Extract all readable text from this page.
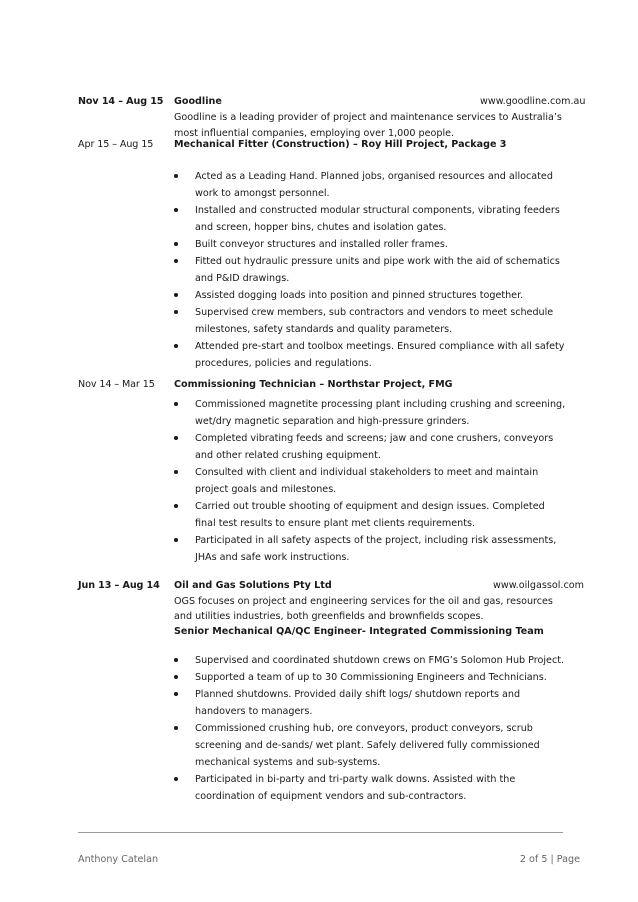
Nov 14 – Aug 15	Goodline	www.goodline.com.au
Goodline is a leading provider of project and maintenance services to Australia’s
most influential companies, employing over 1,000 people.
Apr 15 – Aug 15	Mechanical Fitter (Construction) – Roy Hill Project, Package 3
Acted as a Leading Hand. Planned jobs, organised resources and allocated
work to amongst personnel.
Installed and constructed modular structural components, vibrating feeders
and screen, hopper bins, chutes and isolation gates.
Built conveyor structures and installed roller frames.
Fitted out hydraulic pressure units and pipe work with the aid of schematics
and P&ID drawings.
Assisted dogging loads into position and pinned structures together.
Supervised crew members, sub contractors and vendors to meet schedule
milestones, safety standards and quality parameters.
Attended pre-start and toolbox meetings. Ensured compliance with all safety
procedures, policies and regulations.
Nov 14 – Mar 15	Commissioning Technician – Northstar Project, FMG
Commissioned magnetite processing plant including crushing and screening,
wet/dry magnetic separation and high-pressure grinders.
Completed vibrating feeds and screens; jaw and cone crushers, conveyors
and other related crushing equipment.
Consulted with client and individual stakeholders to meet and maintain
project goals and milestones.
Carried out trouble shooting of equipment and design issues. Completed
final test results to ensure plant met clients requirements.
Participated in all safety aspects of the project, including risk assessments,
JHAs and safe work instructions.
Jun 13 – Aug 14	Oil and Gas Solutions Pty Ltd	www.oilgassol.com
OGS focuses on project and engineering services for the oil and gas, resources
and utilities industries, both greenfields and brownfields scopes.
Senior Mechanical QA/QC Engineer- Integrated Commissioning Team
Supervised and coordinated shutdown crews on FMG’s Solomon Hub Project.
Supported a team of up to 30 Commissioning Engineers and Technicians.
Planned shutdowns. Provided daily shift logs/ shutdown reports and
handovers to managers.
Commissioned crushing hub, ore conveyors, product conveyors, scrub
screening and de-sands/ wet plant. Safely delivered fully commissioned
mechanical systems and sub-systems.
Participated in bi-party and tri-party walk downs. Assisted with the
coordination of equipment vendors and sub-contractors.
Anthony Catelan	2 of 5 | Page
